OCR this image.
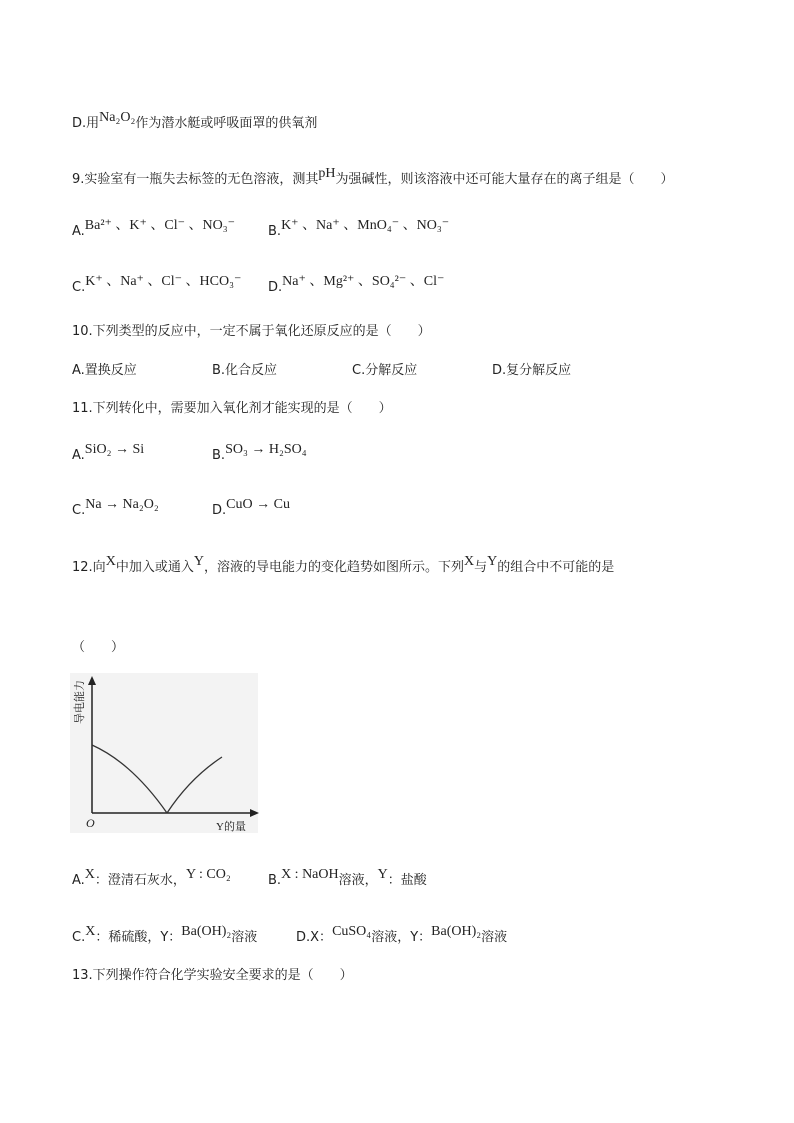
D.用Na₂O₂作为潜水艇或呼吸面罩的供氧剂
9.实验室有一瓶失去标签的无色溶液，测其pH为强碱性，则该溶液中还可能大量存在的离子组是（　　）
A.Ba²⁺ 、K⁺ 、Cl⁻ 、NO₃⁻	B.K⁺ 、Na⁺ 、MnO₄⁻ 、NO₃⁻
C.K⁺ 、Na⁺ 、Cl⁻ 、HCO₃⁻ D.Na⁺ 、Mg²⁺ 、SO₄²⁻ 、Cl⁻
10.下列类型的反应中，一定不属于氧化还原反应的是（　　）
A.置换反应	B.化合反应	C.分解反应	D.复分解反应
11.下列转化中，需要加入氧化剂才能实现的是（　　）
A.SiO₂ → Si	B.SO₃ → H₂SO₄
C.Na → Na₂O₂	D.CuO → Cu
12.向X中加入或通入Y，溶液的导电能力的变化趋势如图所示。下列X与Y的组合中不可能的是
（　　）
导电能力
O	Y的量
A.X：澄清石灰水，Y : CO₂	B.X : NaOH溶液，Y：盐酸
C.X：稀硫酸，Y：Ba(OH)₂溶液	D.X：CuSO₄溶液，Y：Ba(OH)₂溶液
13.下列操作符合化学实验安全要求的是（　　）
